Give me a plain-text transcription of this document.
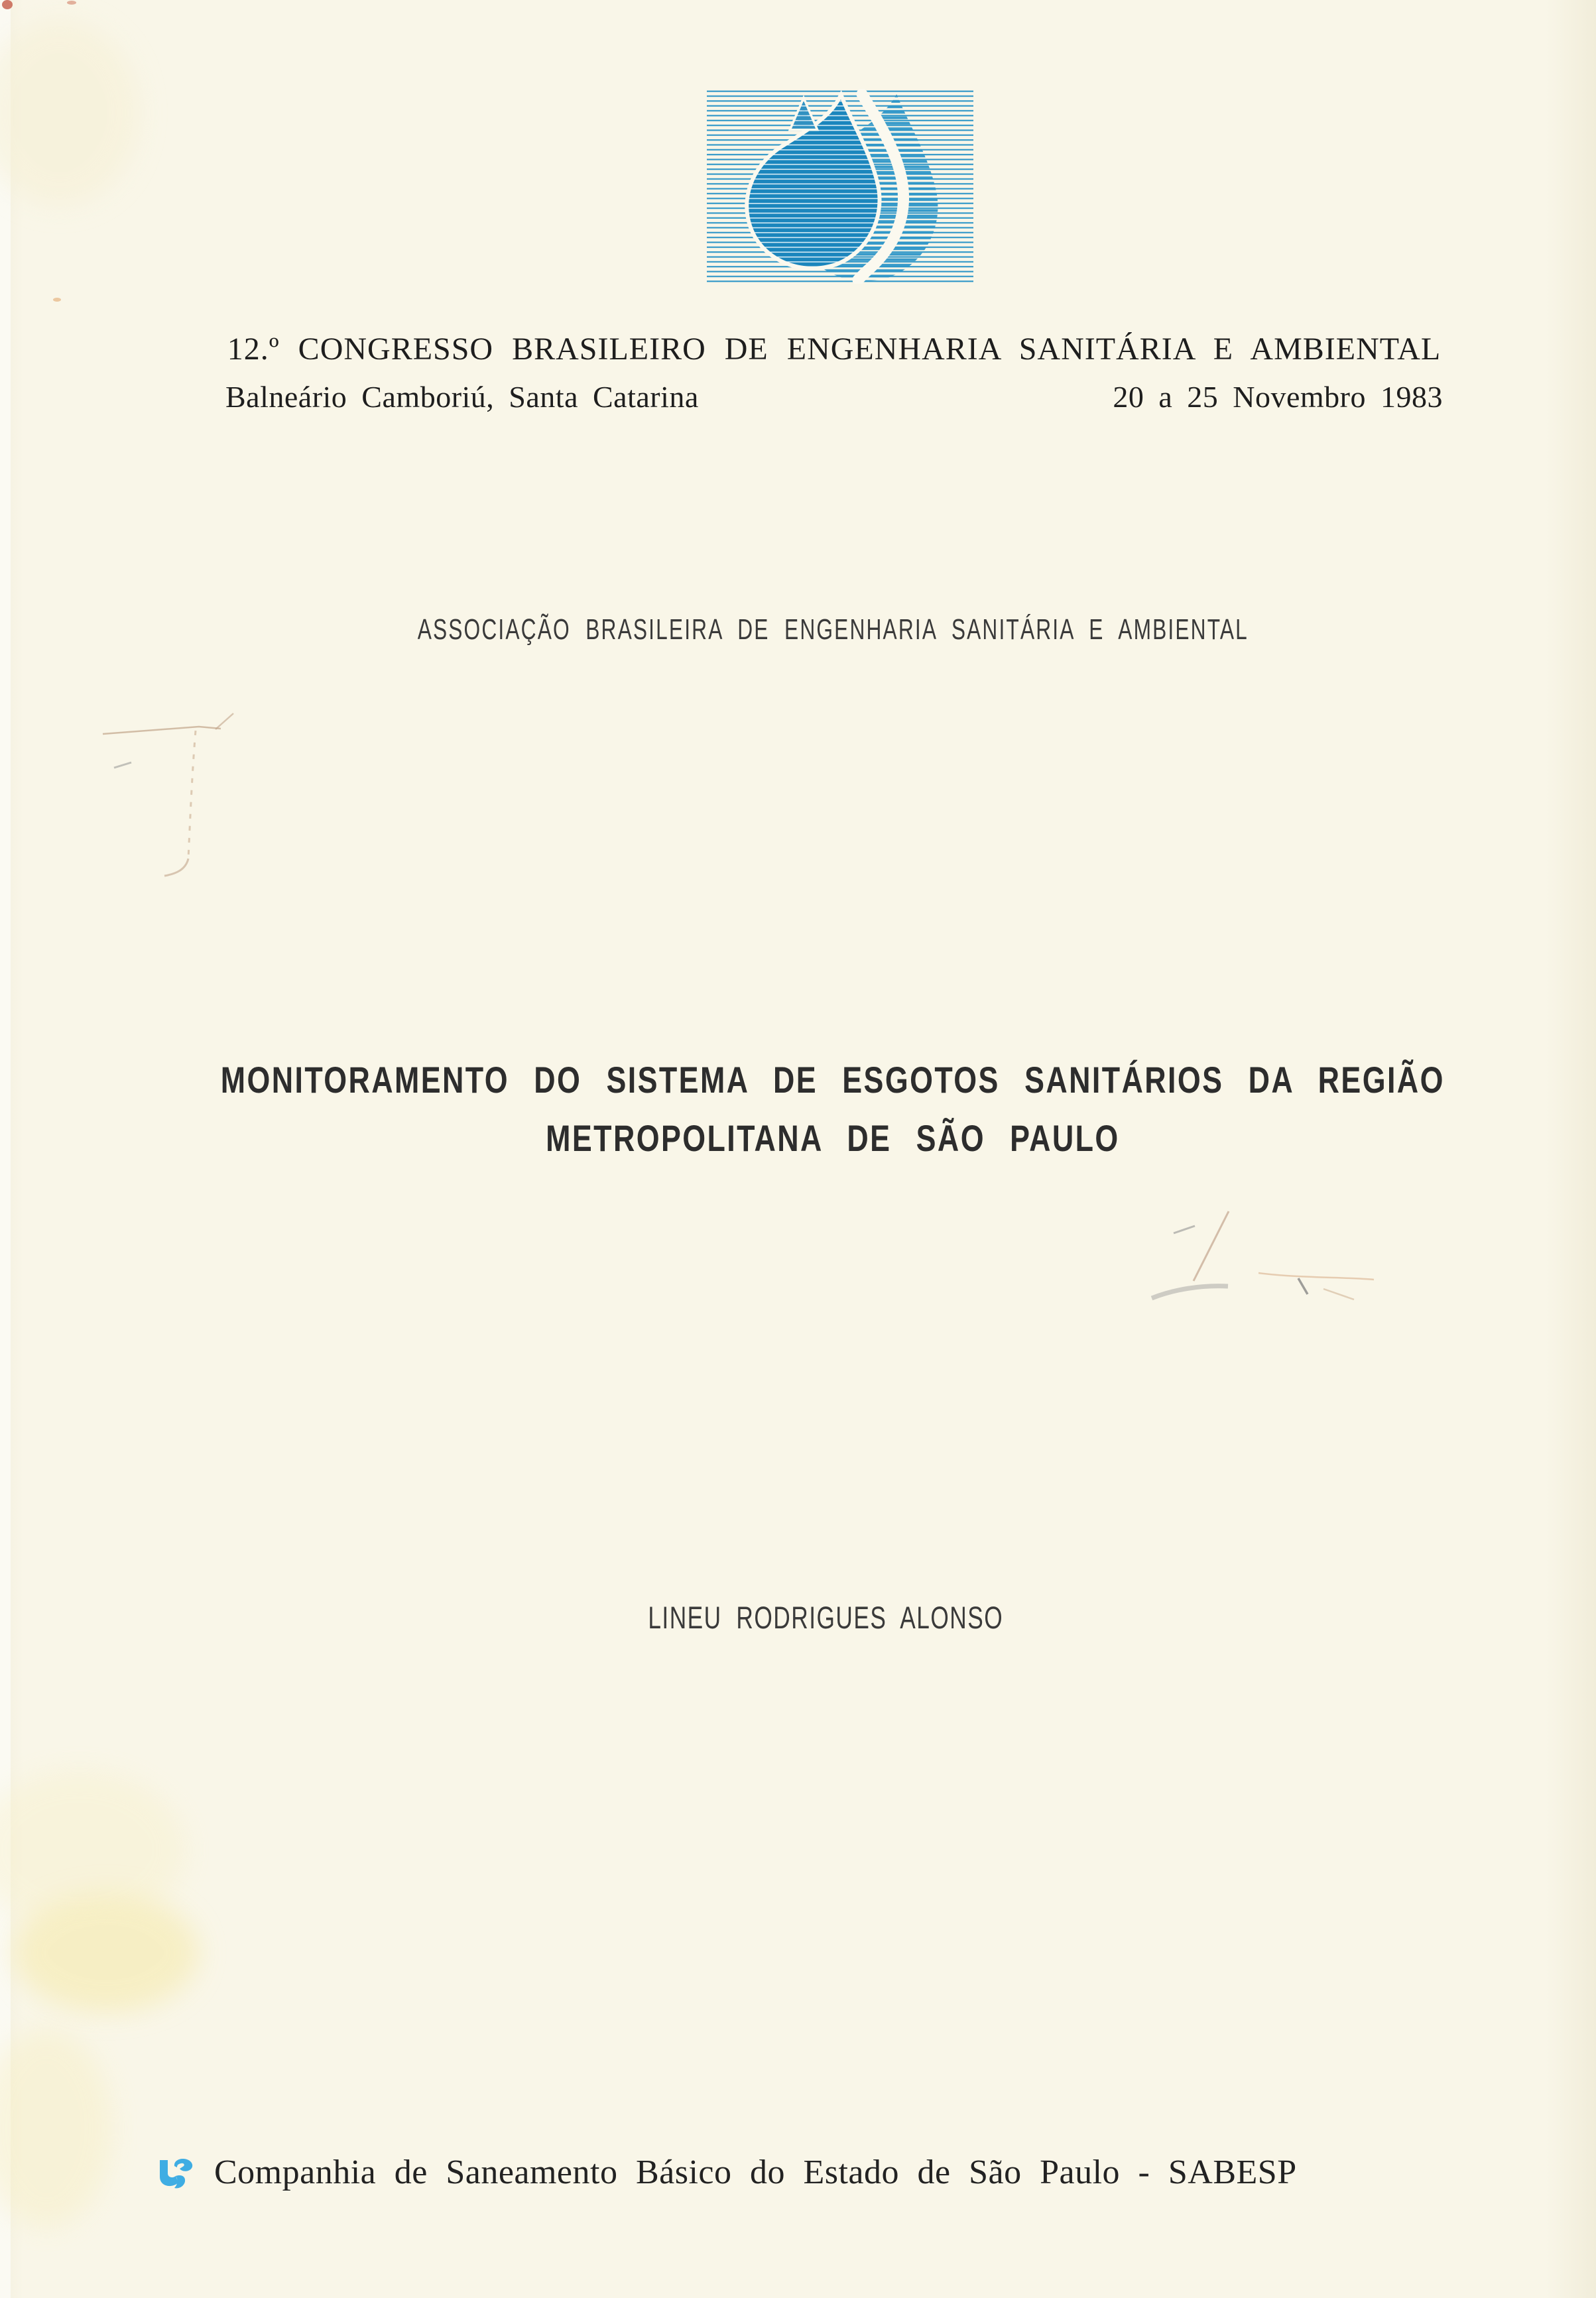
12.º CONGRESSO BRASILEIRO DE ENGENHARIA SANITÁRIA E AMBIENTAL
Balneário Camboriú, Santa Catarina	20 a 25 Novembro 1983
ASSOCIAÇÃO BRASILEIRA DE ENGENHARIA SANITÁRIA E AMBIENTAL
MONITORAMENTO DO SISTEMA DE ESGOTOS SANITÁRIOS DA REGIÃO
METROPOLITANA DE SÃO PAULO
LINEU RODRIGUES ALONSO
Companhia de Saneamento Básico do Estado de São Paulo - SABESP
